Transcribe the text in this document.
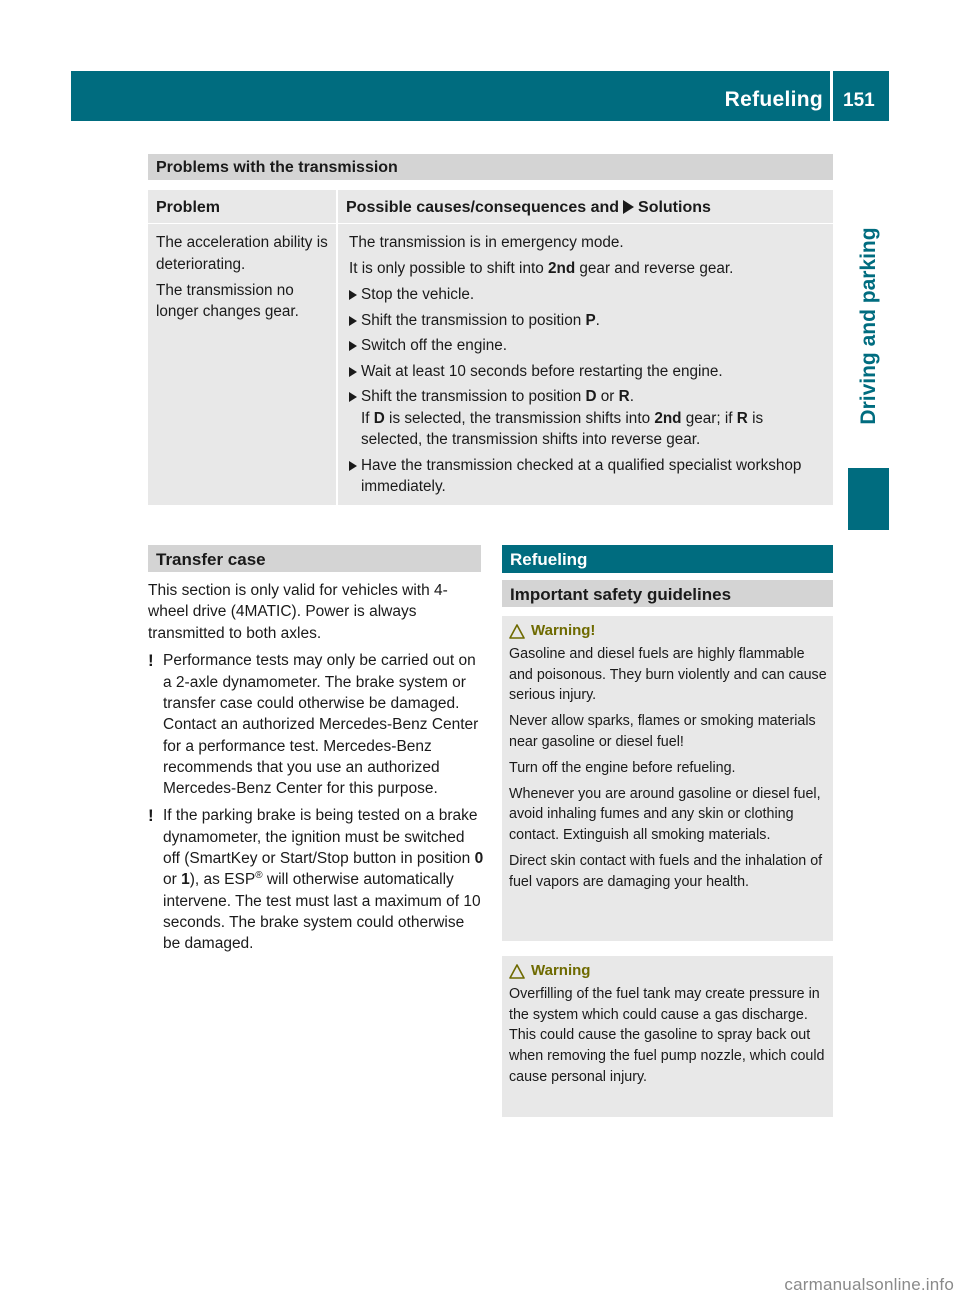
Refueling 151
Driving and parking
Problems with the transmission
Problem	Possible causes/consequences and Solutions

The acceleration ability is deteriorating.

The transmission no longer changes gear.

The transmission is in emergency mode.

It is only possible to shift into 2nd gear and reverse gear.

Stop the vehicle.
Shift the transmission to position P.
Switch off the engine.
Wait at least 10 seconds before restarting the engine.
Shift the transmission to position D or R.
If D is selected, the transmission shifts into 2nd gear; if R is selected, the transmission shifts into reverse gear.
Have the transmission checked at a qualified specialist workshop immediately.
Transfer case

This section is only valid for vehicles with 4-wheel drive (4MATIC). Power is always transmitted to both axles.

! Performance tests may only be carried out on a 2-axle dynamometer. The brake system or transfer case could otherwise be damaged. Contact an authorized Mercedes-Benz Center for a performance test. Mercedes-Benz recommends that you use an authorized Mercedes-Benz Center for this purpose.
! If the parking brake is being tested on a brake dynamometer, the ignition must be switched off (SmartKey or Start/Stop button in position 0 or 1), as ESP® will otherwise automatically intervene. The test must last a maximum of 10 seconds. The brake system could otherwise be damaged.
Refueling
Important safety guidelines
Warning!

Gasoline and diesel fuels are highly flammable and poisonous. They burn violently and can cause serious injury.

Never allow sparks, flames or smoking materials near gasoline or diesel fuel!

Turn off the engine before refueling.

Whenever you are around gasoline or diesel fuel, avoid inhaling fumes and any skin or clothing contact. Extinguish all smoking materials.

Direct skin contact with fuels and the inhalation of fuel vapors are damaging your health.

Warning

Overfilling of the fuel tank may create pressure in the system which could cause a gas discharge. This could cause the gasoline to spray back out when removing the fuel pump nozzle, which could cause personal injury.

carmanualsonline.info
